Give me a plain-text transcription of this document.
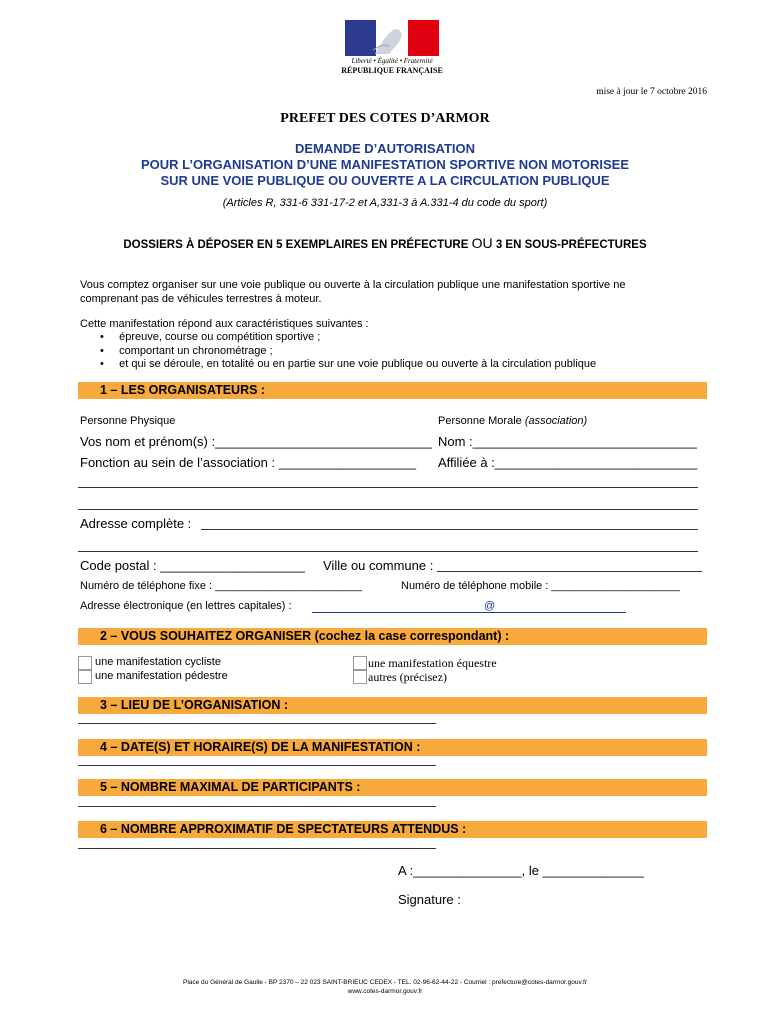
Liberté • Égalité • Fraternité
RÉPUBLIQUE FRANÇAISE
mise à jour le 7 octobre 2016
PREFET DES COTES D’ARMOR
DEMANDE D’AUTORISATION
POUR L’ORGANISATION D’UNE MANIFESTATION SPORTIVE NON MOTORISEE
SUR UNE VOIE PUBLIQUE OU OUVERTE A LA CIRCULATION PUBLIQUE
(Articles R, 331-6 331-17-2 et A,331-3 à A.331-4 du code du sport)
DOSSIERS À DÉPOSER EN 5 EXEMPLAIRES EN PRÉFECTURE OU 3 EN SOUS-PRÉFECTURES
Vous comptez organiser sur une voie publique ou ouverte à la circulation publique une manifestation sportive ne
comprenant pas de véhicules terrestres à moteur.
Cette manifestation répond aux caractéristiques suivantes :
•     épreuve, course ou compétition sportive ;
•     comportant un chronométrage ;
•     et qui se déroule, en totalité ou en partie sur une voie publique ou ouverte à la circulation publique
1 – LES ORGANISATEURS :
Personne Physique	Personne Morale (association)
Vos nom et prénom(s) :______________________________ Nom :_______________________________
Fonction au sein de l’association : ___________________ Affiliée à :____________________________
Adresse complète :
Code postal : ____________________ Ville ou commune :
Numéro de téléphone fixe : ________________________	Numéro de téléphone mobile : _____________________
Adresse électronique (en lettres capitales) :	@
2 – VOUS SOUHAITEZ ORGANISER (cochez la case correspondant) :
une manifestation cycliste
une manifestation pédestre
une manifestation équestre
autres (précisez)
3 – LIEU DE L’ORGANISATION :
4 – DATE(S) ET HORAIRE(S) DE LA MANIFESTATION :
5 – NOMBRE MAXIMAL DE PARTICIPANTS :
6 – NOMBRE APPROXIMATIF DE SPECTATEURS ATTENDUS :
A :_______________, le ______________
Signature :
Place du Général de Gaulle - BP 2370 – 22 023 SAINT-BRIEUC CEDEX - TEL. 02-96-62-44-22 - Courriel : prefecture@cotes-darmor.gouv.fr
www.cotes-darmor.gouv.fr
